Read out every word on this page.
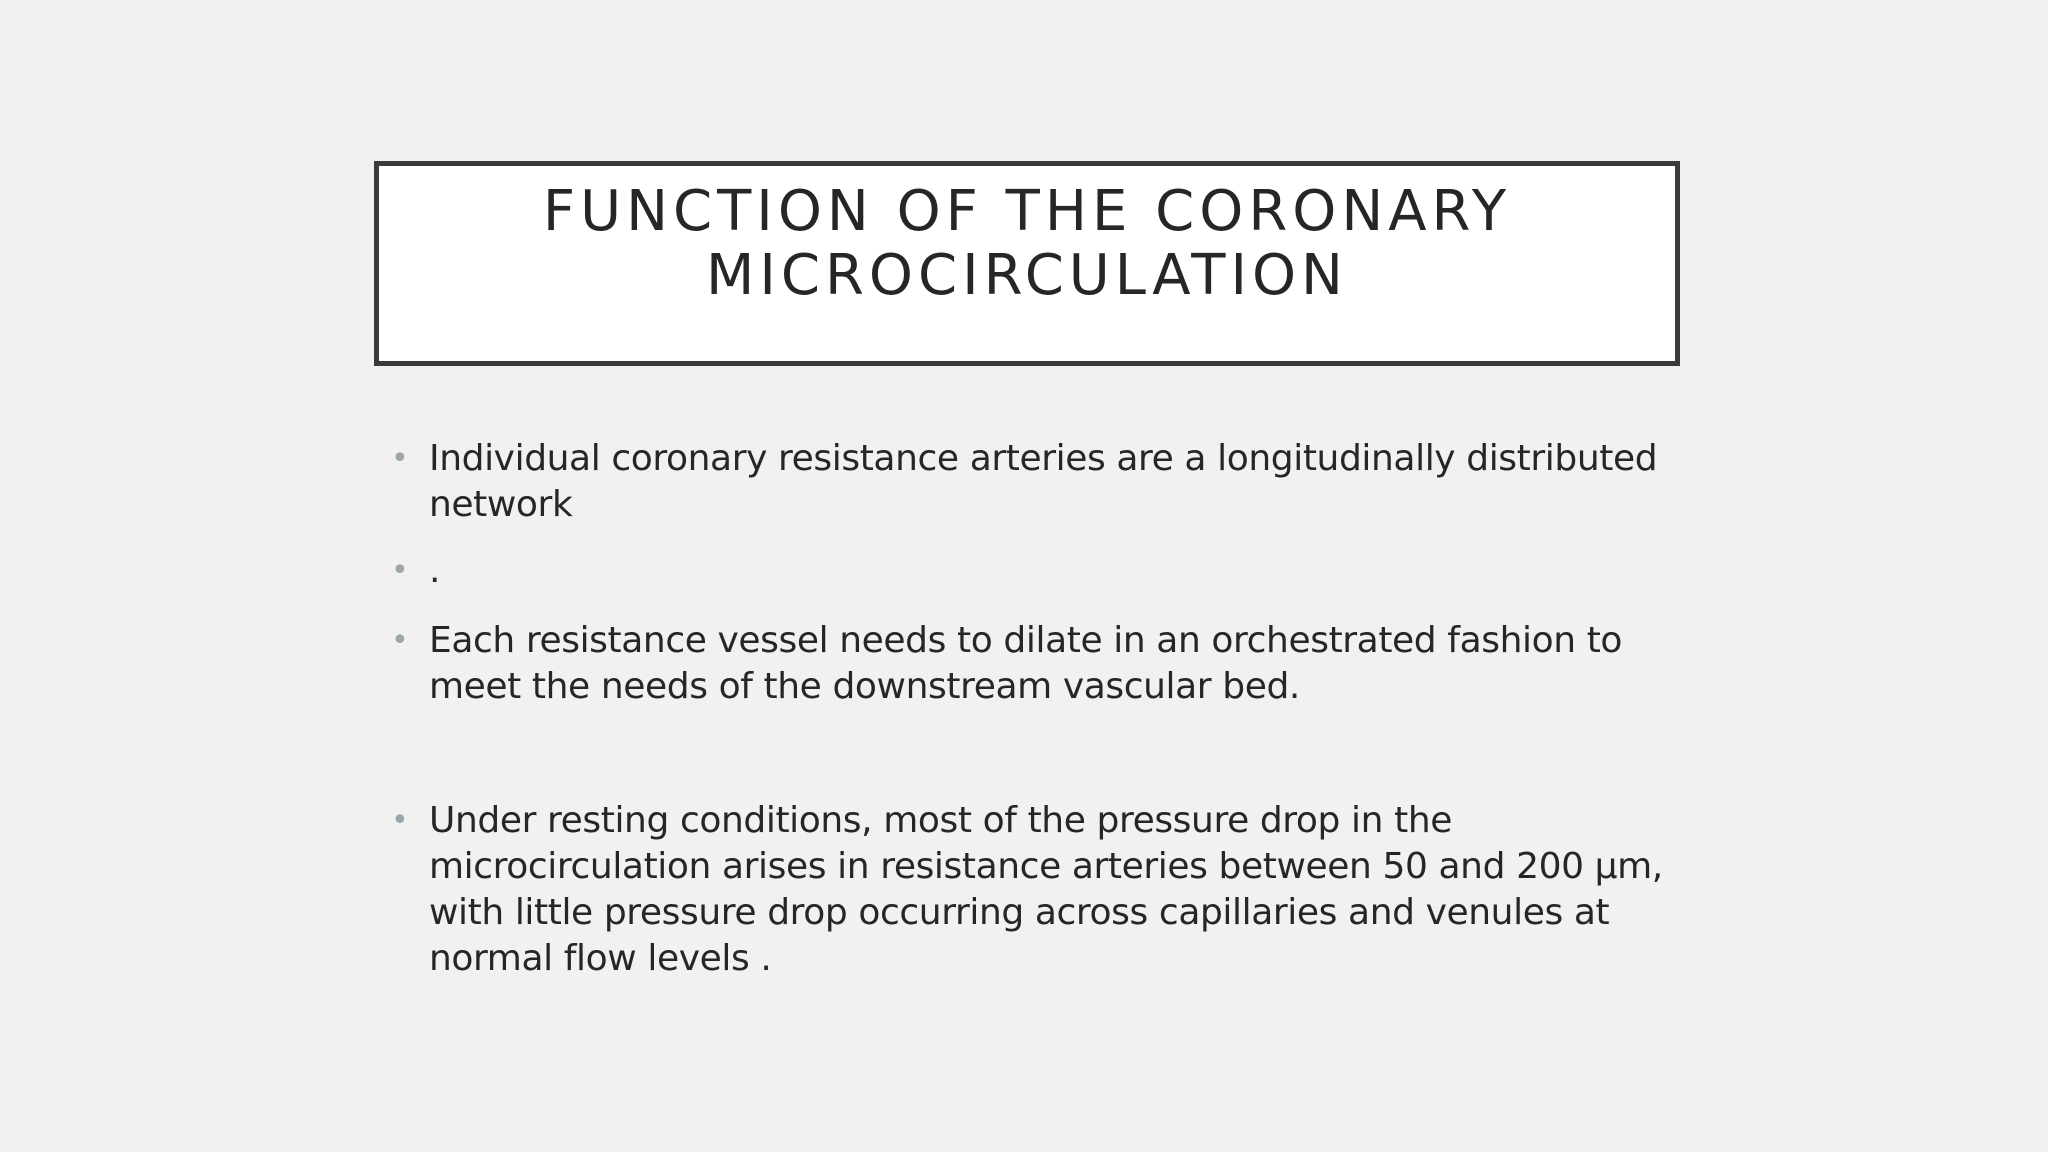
FUNCTION OF THE CORONARY
MICROCIRCULATION
• Individual coronary resistance arteries are a longitudinally distributed network
• .
• Each resistance vessel needs to dilate in an orchestrated fashion to meet the needs of the downstream vascular bed.
• Under resting conditions, most of the pressure drop in the microcirculation arises in resistance arteries between 50 and 200 µm, with little pressure drop occurring across capillaries and venules at normal flow levels .
